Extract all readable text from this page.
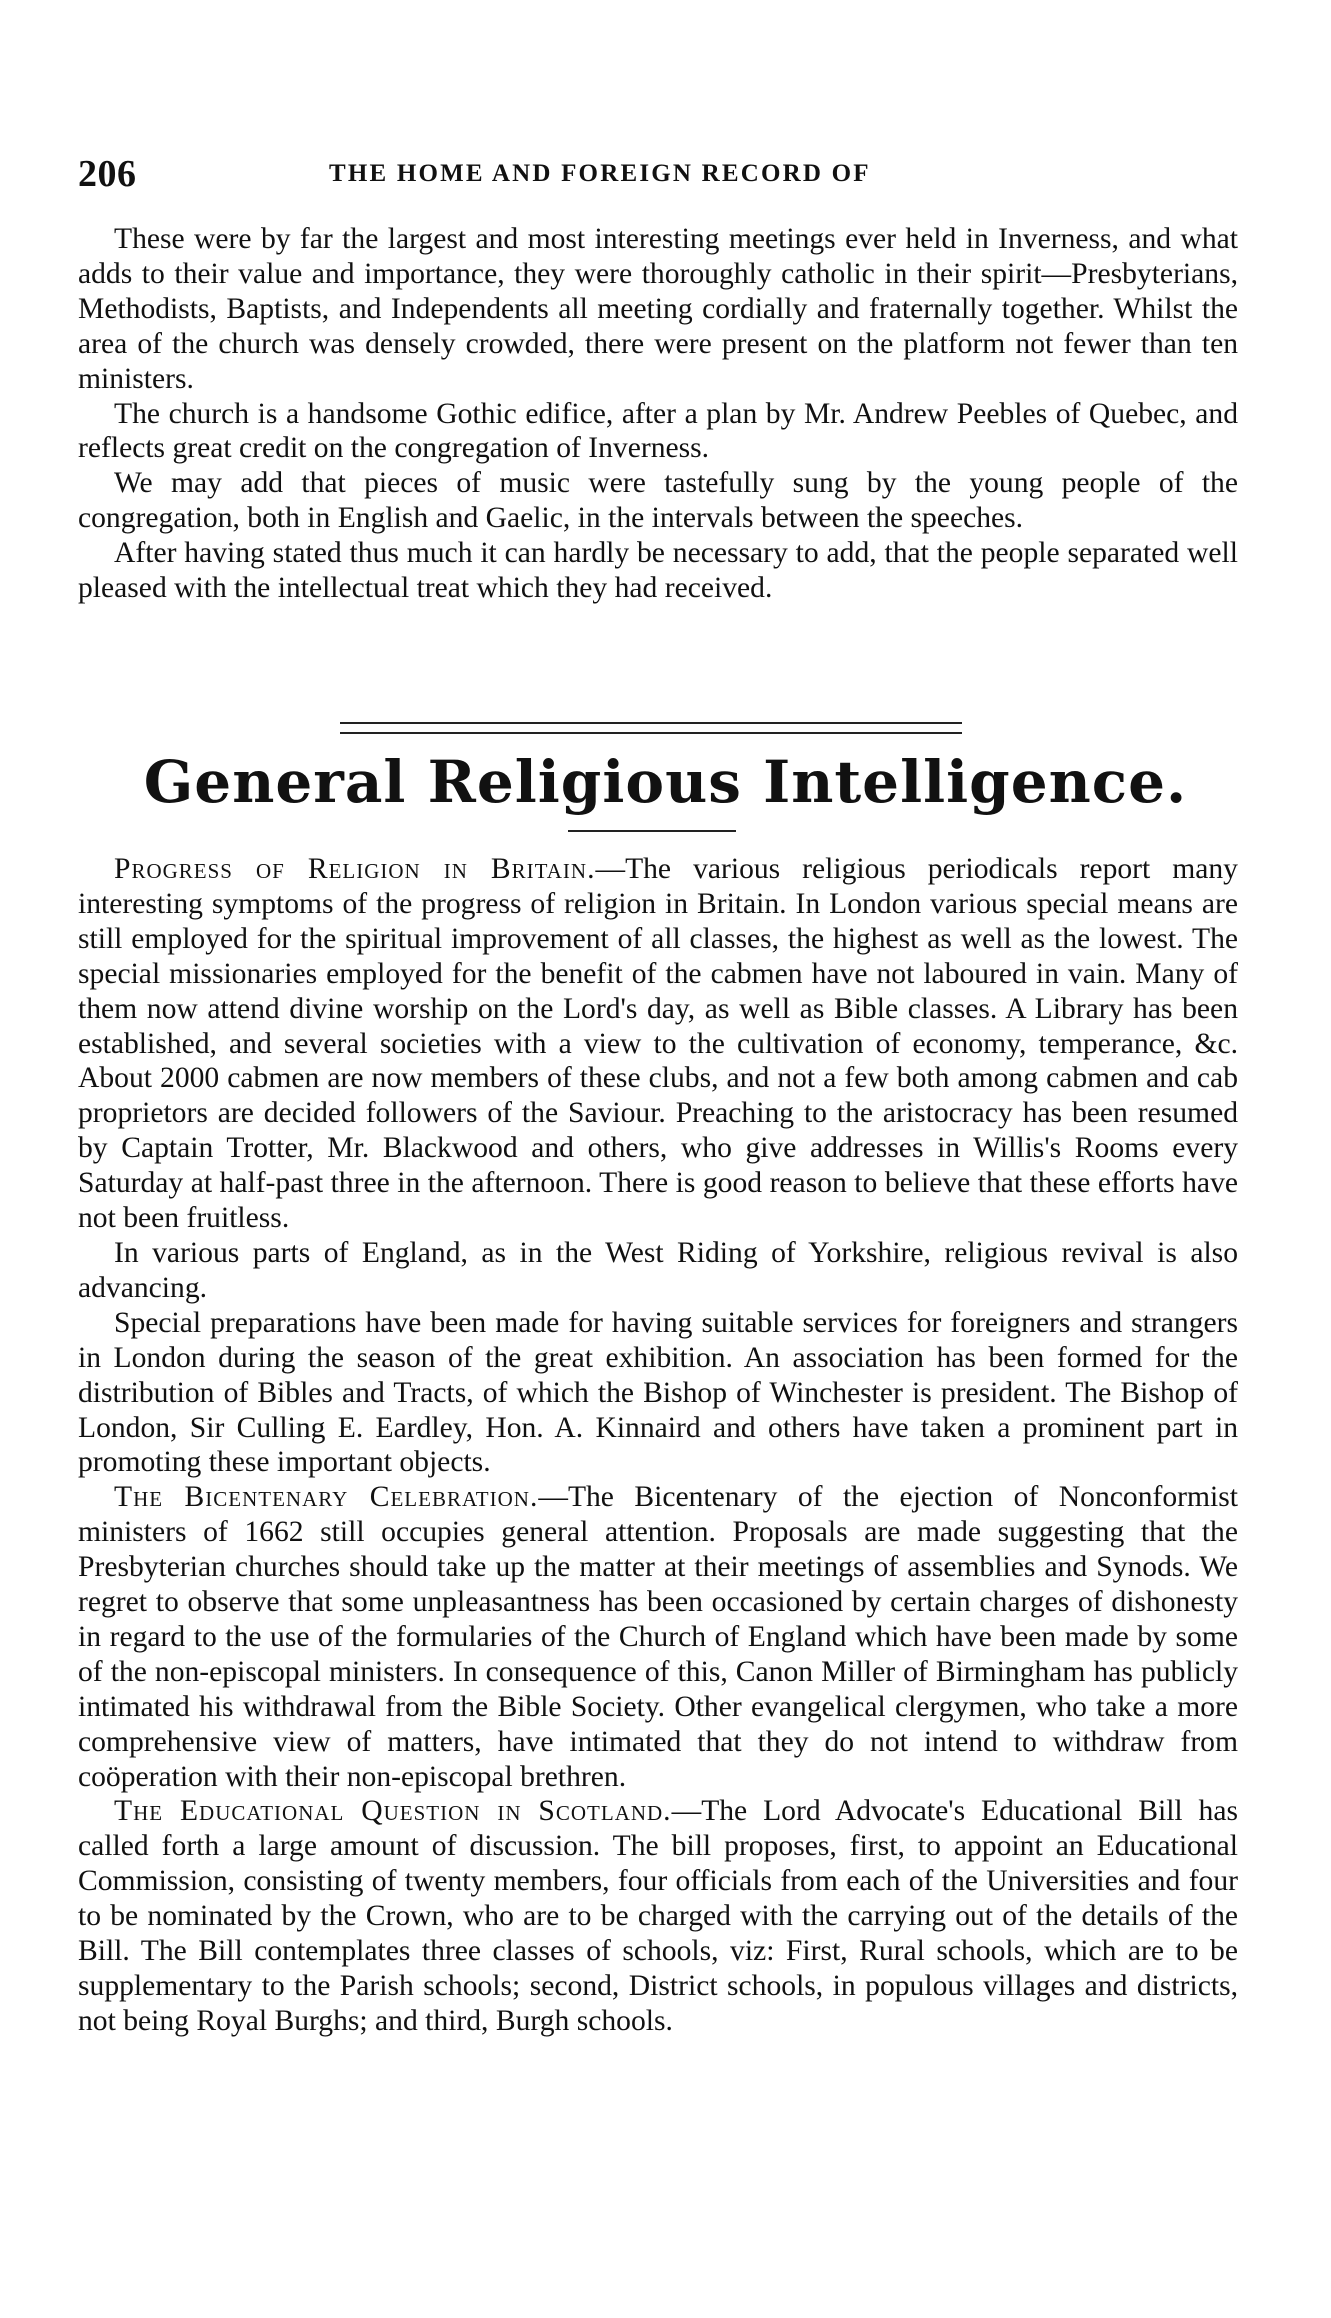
206	THE HOME AND FOREIGN RECORD OF

These were by far the largest and most interesting meetings ever held in Inverness, and what adds to their value and importance, they were thoroughly catholic in their spirit—Presbyterians, Methodists, Baptists, and Independents all meeting cordially and fraternally together. Whilst the area of the church was densely crowded, there were present on the platform not fewer than ten ministers.

The church is a handsome Gothic edifice, after a plan by Mr. Andrew Peebles of Quebec, and reflects great credit on the congregation of Inverness.

We may add that pieces of music were tastefully sung by the young people of the congregation, both in English and Gaelic, in the intervals between the speeches.

After having stated thus much it can hardly be necessary to add, that the people separated well pleased with the intellectual treat which they had received.

General Religious Intelligence.

Progress of Religion in Britain.—The various religious periodicals report many interesting symptoms of the progress of religion in Britain. In London various special means are still employed for the spiritual improvement of all classes, the highest as well as the lowest. The special missionaries employed for the benefit of the cabmen have not laboured in vain. Many of them now attend divine worship on the Lord's day, as well as Bible classes. A Library has been established, and several societies with a view to the cultivation of economy, temperance, &c. About 2000 cabmen are now members of these clubs, and not a few both among cabmen and cab proprietors are decided followers of the Saviour. Preaching to the aristocracy has been resumed by Captain Trotter, Mr. Blackwood and others, who give addresses in Willis's Rooms every Saturday at half-past three in the afternoon. There is good reason to believe that these efforts have not been fruitless.

In various parts of England, as in the West Riding of Yorkshire, religious revival is also advancing.

Special preparations have been made for having suitable services for foreigners and strangers in London during the season of the great exhibition. An association has been formed for the distribution of Bibles and Tracts, of which the Bishop of Winchester is president. The Bishop of London, Sir Culling E. Eardley, Hon. A. Kinnaird and others have taken a prominent part in promoting these important objects.

The Bicentenary Celebration.—The Bicentenary of the ejection of Nonconformist ministers of 1662 still occupies general attention. Proposals are made suggesting that the Presbyterian churches should take up the matter at their meetings of assemblies and Synods. We regret to observe that some unpleasantness has been occasioned by certain charges of dishonesty in regard to the use of the formularies of the Church of England which have been made by some of the non-episcopal ministers. In consequence of this, Canon Miller of Birmingham has publicly intimated his withdrawal from the Bible Society. Other evangelical clergymen, who take a more comprehensive view of matters, have intimated that they do not intend to withdraw from coöperation with their non-episcopal brethren.

The Educational Question in Scotland.—The Lord Advocate's Educational Bill has called forth a large amount of discussion. The bill proposes, first, to appoint an Educational Commission, consisting of twenty members, four officials from each of the Universities and four to be nominated by the Crown, who are to be charged with the carrying out of the details of the Bill. The Bill contemplates three classes of schools, viz: First, Rural schools, which are to be supplementary to the Parish schools; second, District schools, in populous villages and districts, not being Royal Burghs; and third, Burgh schools.
